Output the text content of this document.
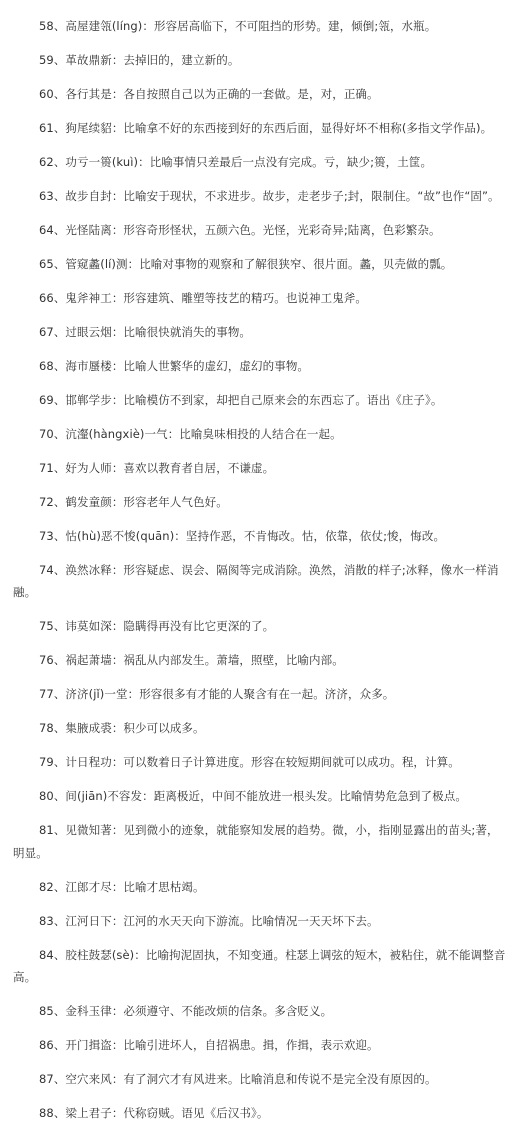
58、高屋建瓴(líng)：形容居高临下，不可阻挡的形势。建，倾倒;瓴，水瓶。

59、革故鼎新：去掉旧的，建立新的。

60、各行其是：各自按照自己以为正确的一套做。是，对，正确。

61、狗尾续貂：比喻拿不好的东西接到好的东西后面，显得好坏不相称(多指文学作品)。

62、功亏一篑(kuì)：比喻事情只差最后一点没有完成。亏，缺少;篑，土筐。

63、故步自封：比喻安于现状，不求进步。故步，走老步子;封，限制住。“故”也作“固”。

64、光怪陆离：形容奇形怪状，五颜六色。光怪，光彩奇异;陆离，色彩繁杂。

65、管窥蠡(lí)测：比喻对事物的观察和了解很狭窄、很片面。蠡，贝壳做的瓢。

66、鬼斧神工：形容建筑、雕塑等技艺的精巧。也说神工鬼斧。

67、过眼云烟：比喻很快就消失的事物。

68、海市蜃楼：比喻人世繁华的虚幻，虚幻的事物。

69、邯郸学步：比喻模仿不到家，却把自己原来会的东西忘了。语出《庄子》。

70、沆瀣(hàngxiè)一气：比喻臭味相投的人结合在一起。

71、好为人师：喜欢以教育者自居，不谦虚。

72、鹤发童颜：形容老年人气色好。

73、怙(hù)恶不悛(quān)：坚持作恶，不肯悔改。怙，依靠，依仗;悛，悔改。

74、涣然冰释：形容疑虑、误会、隔阂等完成消除。涣然，消散的样子;冰释，像水一样消融。

75、讳莫如深：隐瞒得再没有比它更深的了。

76、祸起萧墙：祸乱从内部发生。萧墙，照壁，比喻内部。

77、济济(jǐ)一堂：形容很多有才能的人聚含有在一起。济济，众多。

78、集腋成裘：积少可以成多。

79、计日程功：可以数着日子计算进度。形容在较短期间就可以成功。程，计算。

80、间(jiān)不容发：距离极近，中间不能放进一根头发。比喻情势危急到了极点。

81、见微知著：见到微小的迹象，就能察知发展的趋势。微，小，指刚显露出的苗头;著，明显。

82、江郎才尽：比喻才思枯竭。

83、江河日下：江河的水天天向下游流。比喻情况一天天坏下去。

84、胶柱鼓瑟(sè)：比喻拘泥固执，不知变通。柱瑟上调弦的短木，被粘住，就不能调整音高。

85、金科玉律：必须遵守、不能改烦的信条。多含贬义。

86、开门揖盗：比喻引进坏人，自招祸患。揖，作揖，表示欢迎。

87、空穴来风：有了洞穴才有风进来。比喻消息和传说不是完全没有原因的。

88、梁上君子：代称窃贼。语见《后汉书》。
